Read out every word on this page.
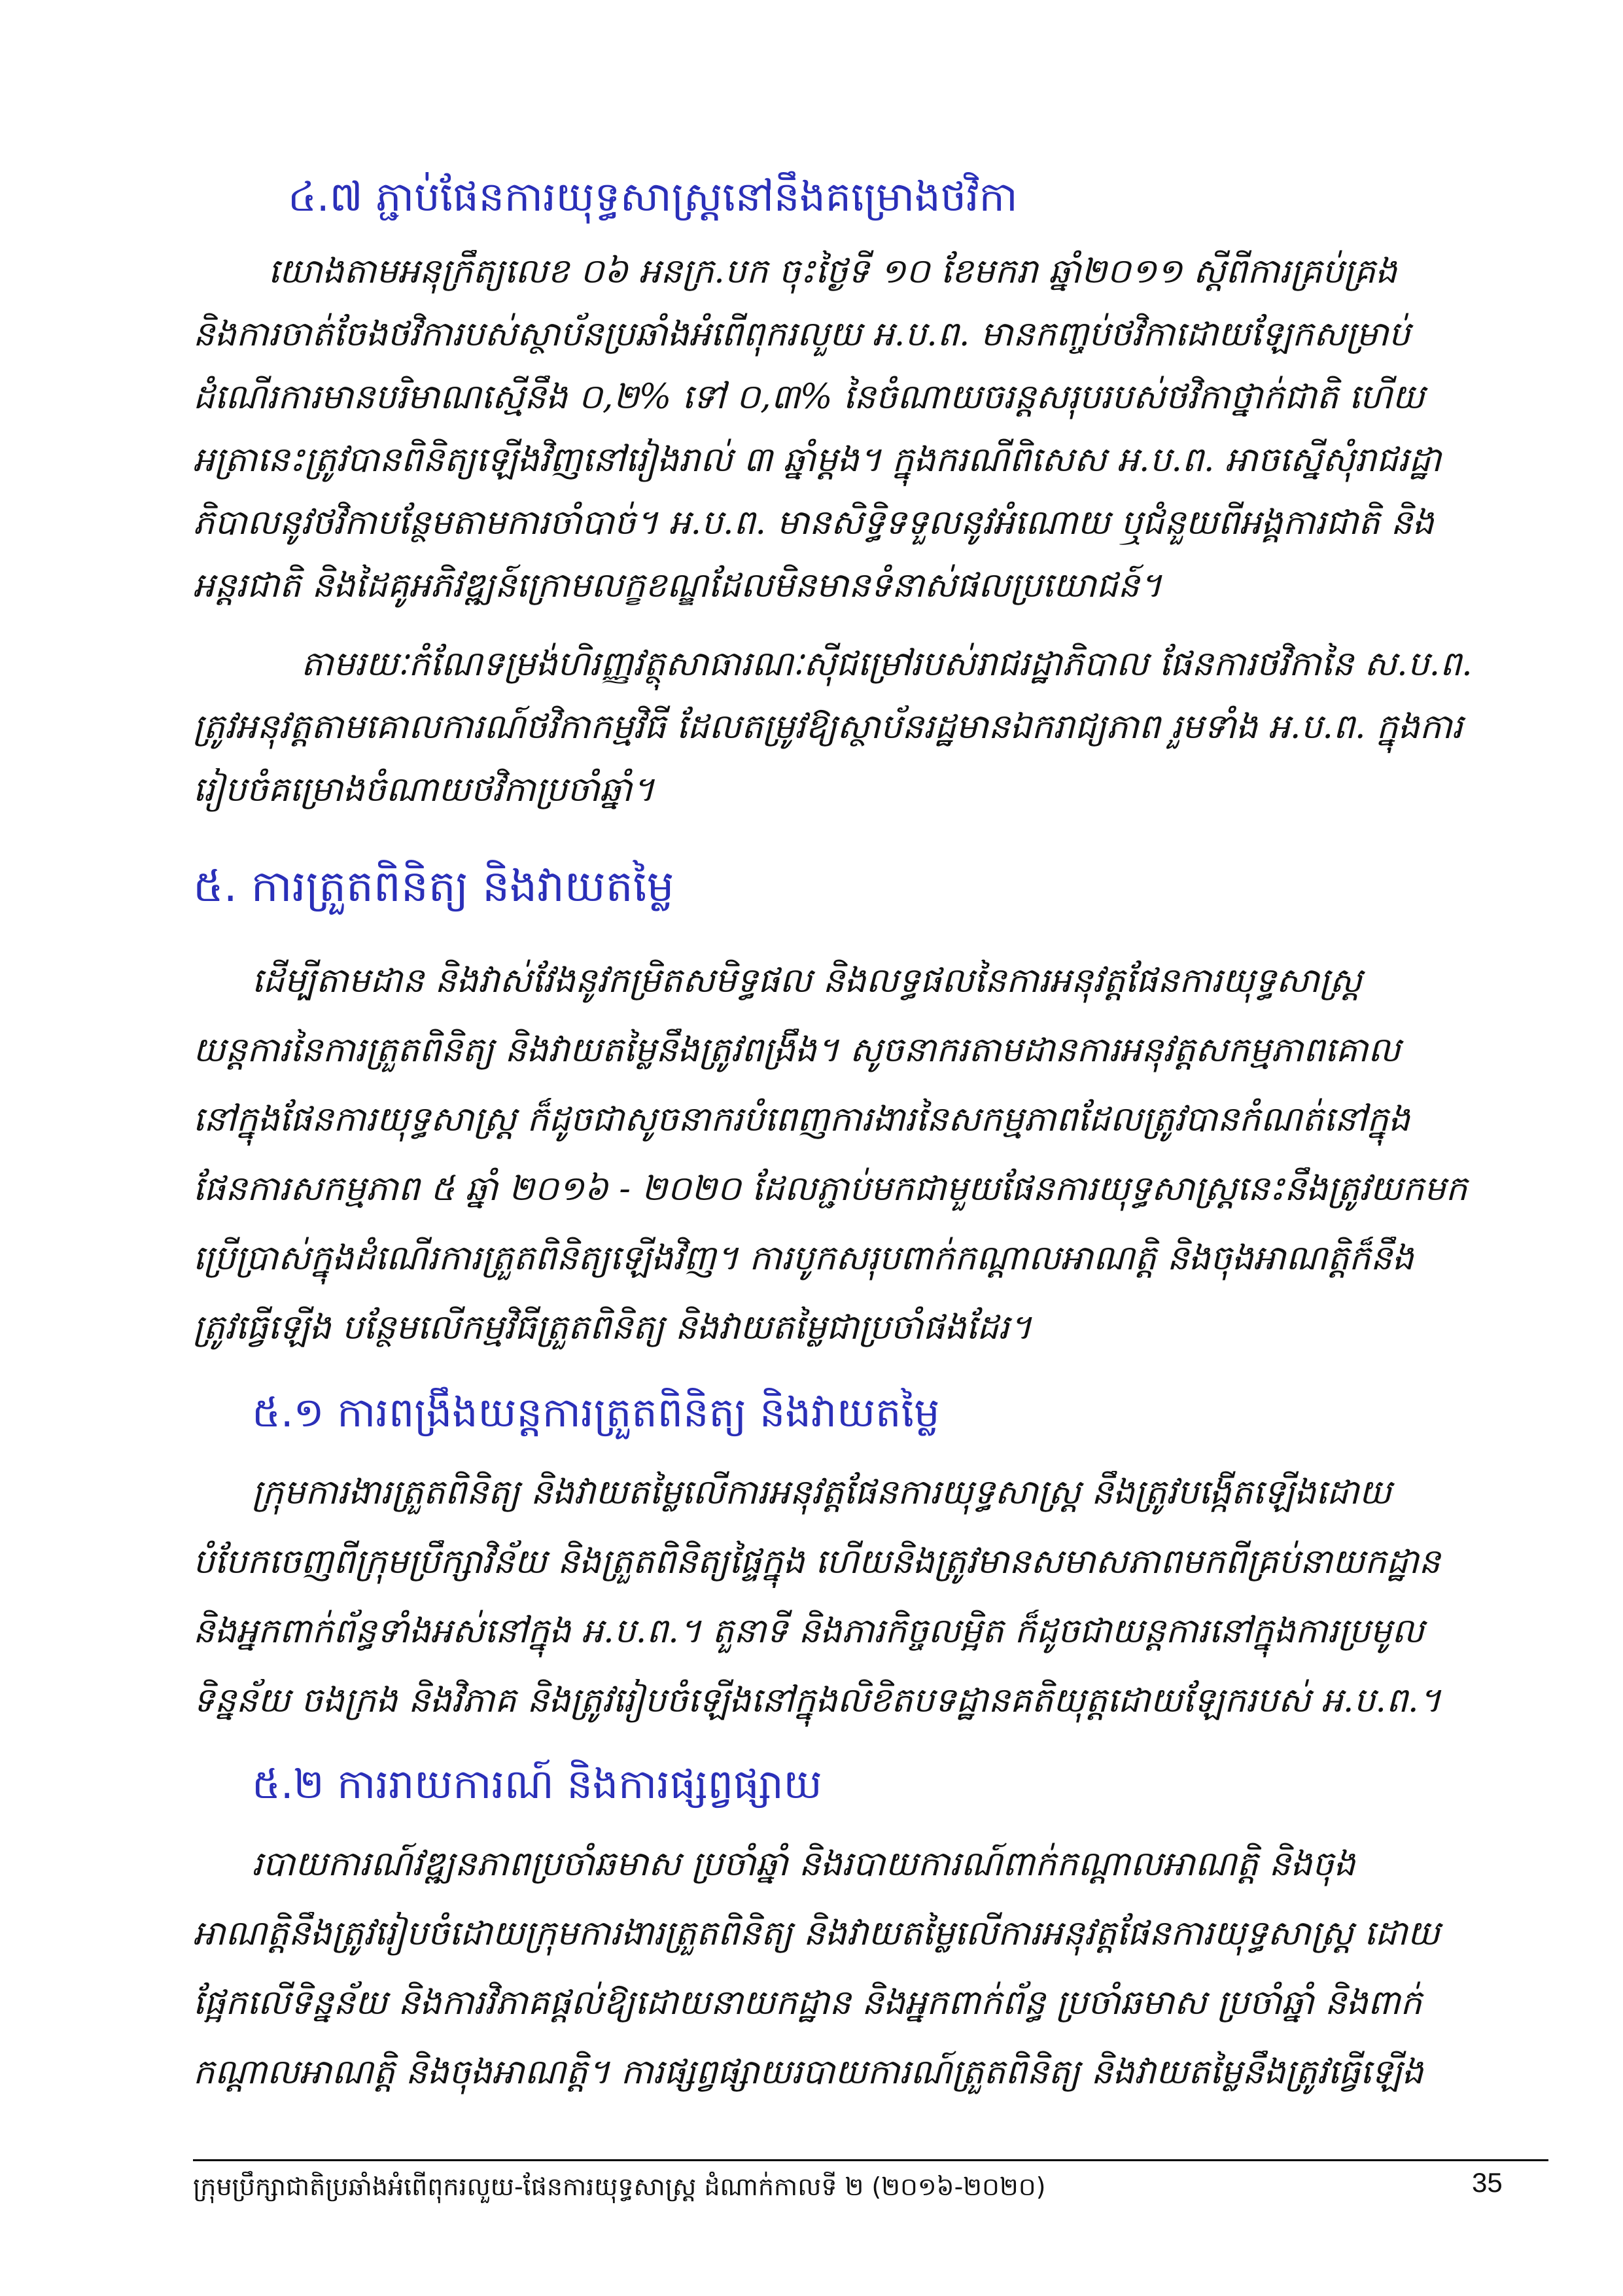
៤.៧ ភ្ជាប់ផែនការយុទ្ធសាស្ត្រនៅនឹងគម្រោងថវិកា
យោងតាមអនុក្រឹត្យលេខ ០៦ អនក្រ.បក ចុះថ្ងៃទី ១០ ខែមករា ឆ្នាំ២០១១ ស្តីពីការគ្រប់គ្រង
និងការចាត់ចែងថវិការបស់ស្ថាប័នប្រឆាំងអំពើពុករលួយ អ.ប.ព. មានកញ្ចប់ថវិកាដោយឡែកសម្រាប់
ដំណើរការមានបរិមាណស្មើនឹង ០,២% ទៅ ០,៣% នៃចំណាយចរន្តសរុបរបស់ថវិកាថ្នាក់ជាតិ ហើយ
អត្រានេះត្រូវបានពិនិត្យឡើងវិញនៅរៀងរាល់ ៣ ឆ្នាំម្តង។ ក្នុងករណីពិសេស អ.ប.ព. អាចស្នើសុំរាជរដ្ឋា
ភិបាលនូវថវិកាបន្ថែមតាមការចាំបាច់។ អ.ប.ព. មានសិទ្ធិទទួលនូវអំណោយ ឬជំនួយពីអង្គការជាតិ និង
អន្តរជាតិ និងដៃគូអភិវឌ្ឍន៍ក្រោមលក្ខខណ្ឌដែលមិនមានទំនាស់ផលប្រយោជន៍។
តាមរយៈកំណែទម្រង់ហិរញ្ញវត្ថុសាធារណៈស៊ីជម្រៅរបស់រាជរដ្ឋាភិបាល ផែនការថវិកានៃ ស.ប.ព.
ត្រូវអនុវត្តតាមគោលការណ៍ថវិកាកម្មវិធី ដែលតម្រូវឱ្យស្ថាប័នរដ្ឋមានឯករាជ្យភាព រួមទាំង អ.ប.ព. ក្នុងការ
រៀបចំគម្រោងចំណាយថវិកាប្រចាំឆ្នាំ។
៥. ការត្រួតពិនិត្យ និងវាយតម្លៃ
ដើម្បីតាមដាន និងវាស់វែងនូវកម្រិតសមិទ្ធផល និងលទ្ធផលនៃការអនុវត្តផែនការយុទ្ធសាស្ត្រ
យន្តការនៃការត្រួតពិនិត្យ និងវាយតម្លៃនឹងត្រូវពង្រឹង។ សូចនាករតាមដានការអនុវត្តសកម្មភាពគោល
នៅក្នុងផែនការយុទ្ធសាស្ត្រ ក៏ដូចជាសូចនាករបំពេញការងារនៃសកម្មភាពដែលត្រូវបានកំណត់នៅក្នុង
ផែនការសកម្មភាព ៥ ឆ្នាំ ២០១៦ - ២០២០ ដែលភ្ជាប់មកជាមួយផែនការយុទ្ធសាស្ត្រនេះនឹងត្រូវយកមក
ប្រើប្រាស់ក្នុងដំណើរការត្រួតពិនិត្យឡើងវិញ។ ការបូកសរុបពាក់កណ្តាលអាណត្តិ និងចុងអាណត្តិក៏នឹង
ត្រូវធ្វើឡើង បន្ថែមលើកម្មវិធីត្រួតពិនិត្យ និងវាយតម្លៃជាប្រចាំផងដែរ។
៥.១ ការពង្រឹងយន្តការត្រួតពិនិត្យ និងវាយតម្លៃ
ក្រុមការងារត្រួតពិនិត្យ និងវាយតម្លៃលើការអនុវត្តផែនការយុទ្ធសាស្ត្រ នឹងត្រូវបង្កើតឡើងដោយ
បំបែកចេញពីក្រុមប្រឹក្សាវិន័យ និងត្រួតពិនិត្យផ្ទៃក្នុង ហើយនិងត្រូវមានសមាសភាពមកពីគ្រប់នាយកដ្ឋាន
និងអ្នកពាក់ព័ន្ធទាំងអស់នៅក្នុង អ.ប.ព.។ តួនាទី និងភារកិច្ចលម្អិត ក៏ដូចជាយន្តការនៅក្នុងការប្រមូល
ទិន្នន័យ ចងក្រង និងវិភាគ និងត្រូវរៀបចំឡើងនៅក្នុងលិខិតបទដ្ឋានគតិយុត្តដោយឡែករបស់ អ.ប.ព.។
៥.២ ការរាយការណ៍ និងការផ្សព្វផ្សាយ
របាយការណ៍វឌ្ឍនភាពប្រចាំឆមាស ប្រចាំឆ្នាំ និងរបាយការណ៍ពាក់កណ្តាលអាណត្តិ និងចុង
អាណត្តិនឹងត្រូវរៀបចំដោយក្រុមការងារត្រួតពិនិត្យ និងវាយតម្លៃលើការអនុវត្តផែនការយុទ្ធសាស្ត្រ ដោយ
ផ្អែកលើទិន្នន័យ និងការវិភាគផ្តល់ឱ្យដោយនាយកដ្ឋាន និងអ្នកពាក់ព័ន្ធ ប្រចាំឆមាស ប្រចាំឆ្នាំ និងពាក់
កណ្តាលអាណត្តិ និងចុងអាណត្តិ។ ការផ្សព្វផ្សាយរបាយការណ៍ត្រួតពិនិត្យ និងវាយតម្លៃនឹងត្រូវធ្វើឡើង
ក្រុមប្រឹក្សាជាតិប្រឆាំងអំពើពុករលួយ-ផែនការយុទ្ធសាស្ត្រ ដំណាក់កាលទី ២ (២០១៦-២០២០)	35
